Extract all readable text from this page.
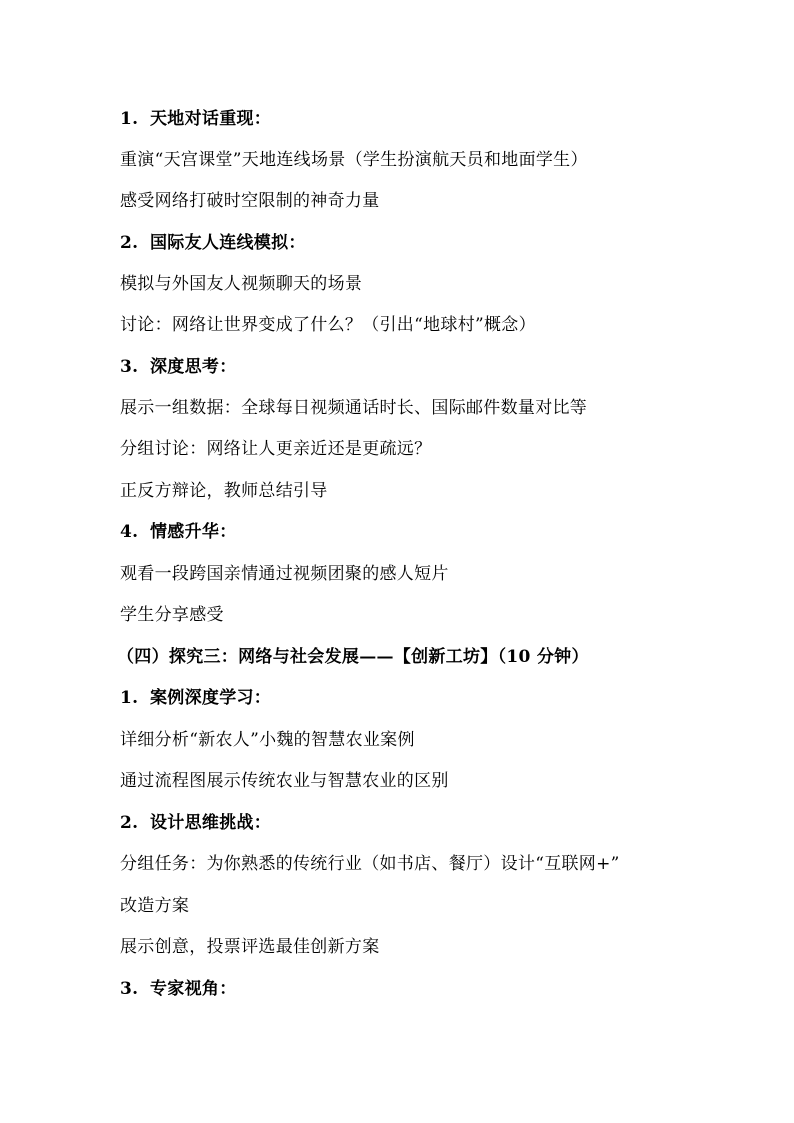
1. 天地对话重现：
重演“天宫课堂”天地连线场景（学生扮演航天员和地面学生）
感受网络打破时空限制的神奇力量
2. 国际友人连线模拟：
模拟与外国友人视频聊天的场景
讨论：网络让世界变成了什么？（引出“地球村”概念）
3. 深度思考：
展示一组数据：全球每日视频通话时长、国际邮件数量对比等
分组讨论：网络让人更亲近还是更疏远？
正反方辩论，教师总结引导
4. 情感升华：
观看一段跨国亲情通过视频团聚的感人短片
学生分享感受
（四）探究三：网络与社会发展——【创新工坊】（10 分钟）
1. 案例深度学习：
详细分析“新农人”小魏的智慧农业案例
通过流程图展示传统农业与智慧农业的区别
2. 设计思维挑战：
分组任务：为你熟悉的传统行业（如书店、餐厅）设计“互联网+”
改造方案
展示创意，投票评选最佳创新方案
3. 专家视角：
